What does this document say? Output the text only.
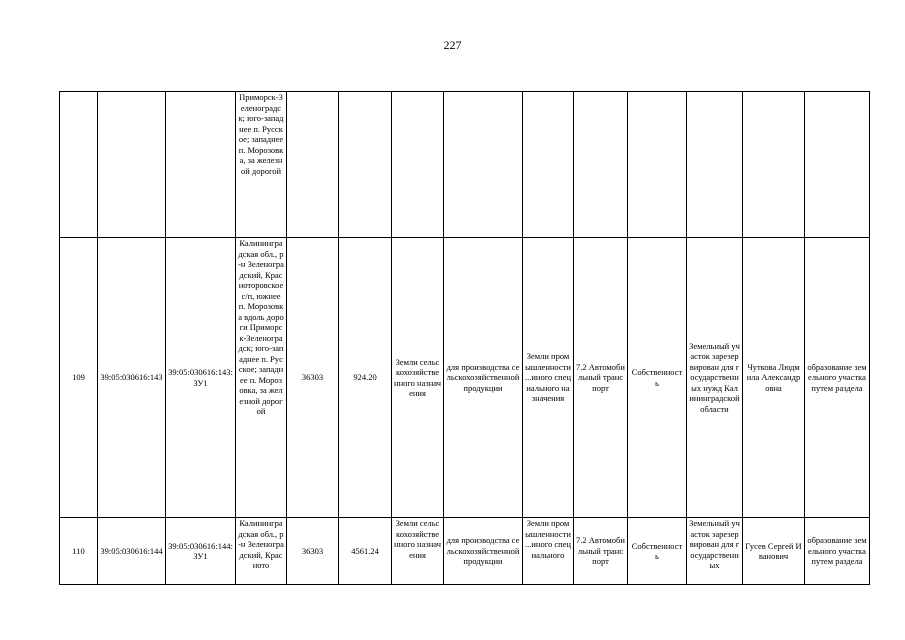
227
			Приморск-Зеленоградск; юго-западнее п. Русское; западнее п. Морозовка, за железной дорогой										
109	39:05:030616:143	39:05:030616:143:ЗУ1	Калининградская обл., р-н Зеленоградский, Красноторовское с/п, южнее п. Морозовка вдоль дороги Приморск-Зеленоградск; юго-западнее п. Русское; западнее п. Морозовка, за железной дорогой	36303	924.20	Земли сельскохозяйственного назначения	для производства сельскохозяйственной продукции	Земли промышленности ...иного специального назначения	7.2 Автомобильный транспорт	Собственность	Земельный участок зарезервирован для государственных нужд Калининградской области	Чуткова Людмила Александровна	образование земельного участка путем раздела
110	39:05:030616:144	39:05:030616:144:ЗУ1	Калининградская обл., р-н Зеленоградский, Красното	36303	4561.24	Земли сельскохозяйственного назначения	для производства сельскохозяйственной продукции	Земли промышленности ...иного специального	7.2 Автомобильный транспорт	Собственность	Земельный участок зарезервирован для государственных	Гусев Сергей Иванович	образование земельного участка путем раздела
